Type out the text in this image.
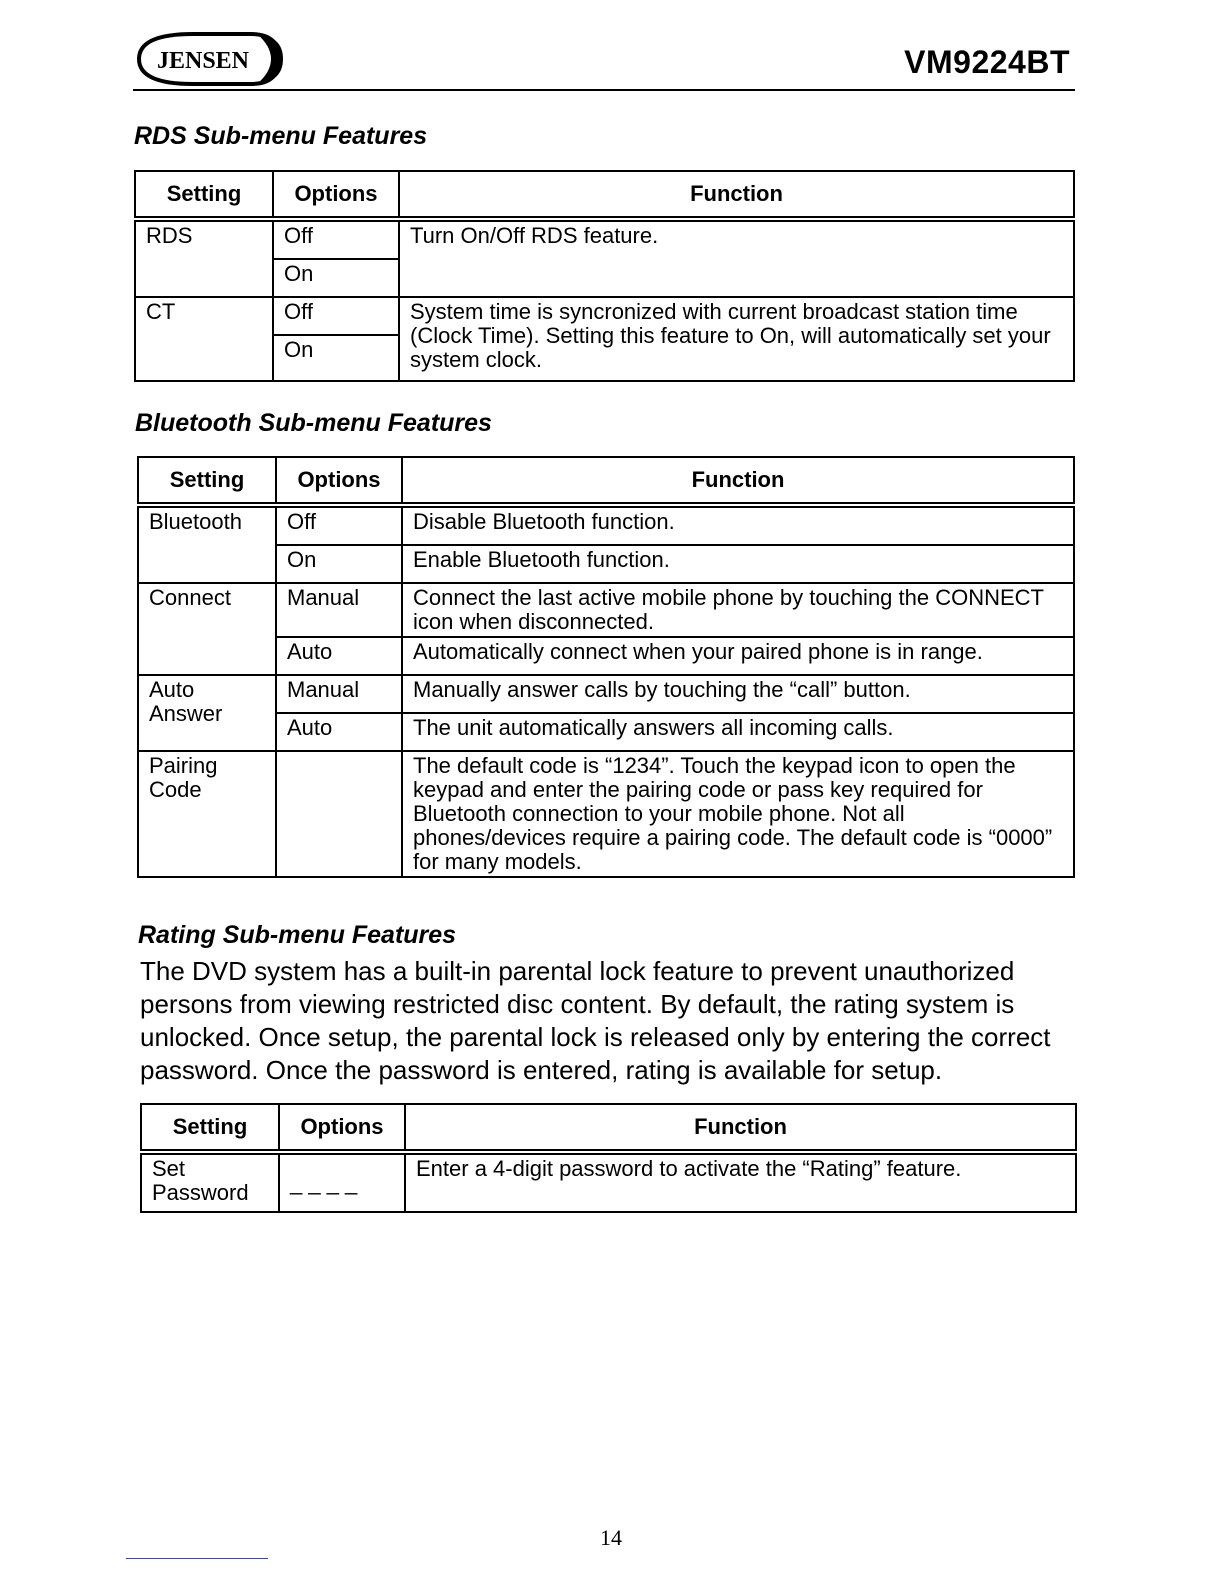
JENSEN	VM9224BT
RDS Sub-menu Features
Setting	Options	Function
RDS	Off	Turn On/Off RDS feature.
	On	
CT	Off	System time is syncronized with current broadcast station time (Clock Time). Setting this feature to On, will automatically set your system clock.
	On	
Bluetooth Sub-menu Features
Setting	Options	Function
Bluetooth	Off	Disable Bluetooth function.
	On	Enable Bluetooth function.
Connect	Manual	Connect the last active mobile phone by touching the CONNECT icon when disconnected.
	Auto	Automatically connect when your paired phone is in range.
Auto Answer	Manual	Manually answer calls by touching the “call” button.
	Auto	The unit automatically answers all incoming calls.
Pairing Code		The default code is “1234”. Touch the keypad icon to open the keypad and enter the pairing code or pass key required for Bluetooth connection to your mobile phone. Not all phones/devices require a pairing code. The default code is “0000” for many models.
Rating Sub-menu Features
The DVD system has a built-in parental lock feature to prevent unauthorized persons from viewing restricted disc content. By default, the rating system is unlocked. Once setup, the parental lock is released only by entering the correct password. Once the password is entered, rating is available for setup.
Setting	Options	Function
Set Password	_ _ _ _	Enter a 4-digit password to activate the “Rating” feature.
14
